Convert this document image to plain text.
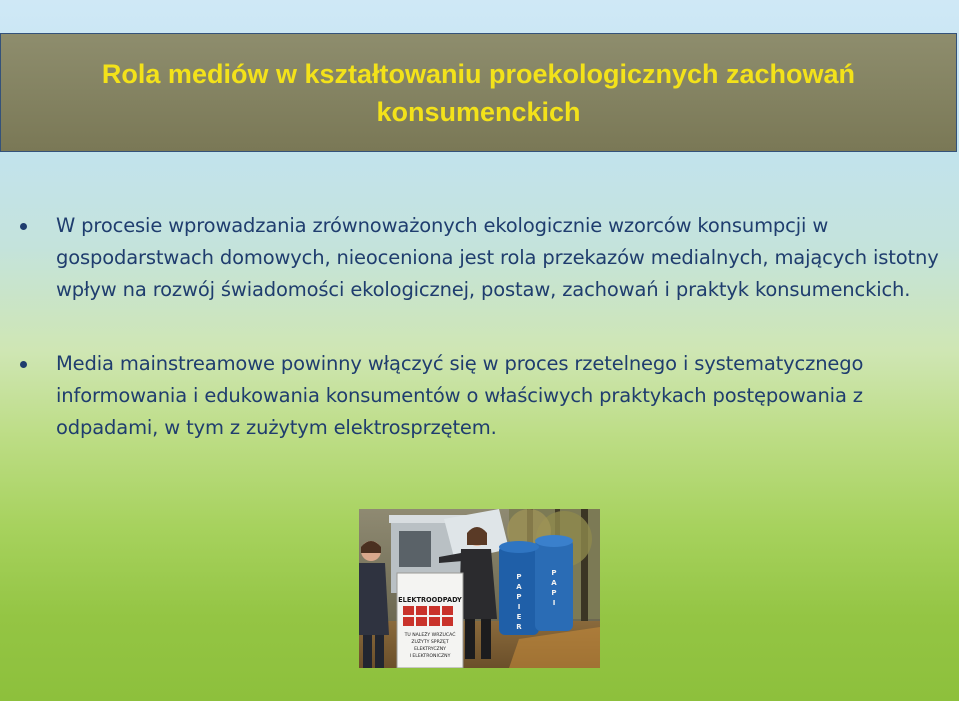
Rola mediów w kształtowaniu proekologicznych zachowań konsumenckich
W procesie wprowadzania zrównoważonych ekologicznie wzorców konsumpcji w gospodarstwach domowych, nieoceniona jest rola przekazów medialnych, mających istotny wpływ na rozwój świadomości ekologicznej, postaw, zachowań i praktyk konsumenckich.
Media mainstreamowe powinny włączyć się w proces rzetelnego i systematycznego informowania i edukowania konsumentów o właściwych praktykach postępowania z odpadami, w tym z zużytym elektrosprzętem.
P
A
P
I
E
R
P
A
P
I
ELEKTROODPADY
TU NALEŻY WRZUCAĆ
ZUŻYTY SPRZĘT
ELEKTRYCZNY
I ELEKTRONICZNY
